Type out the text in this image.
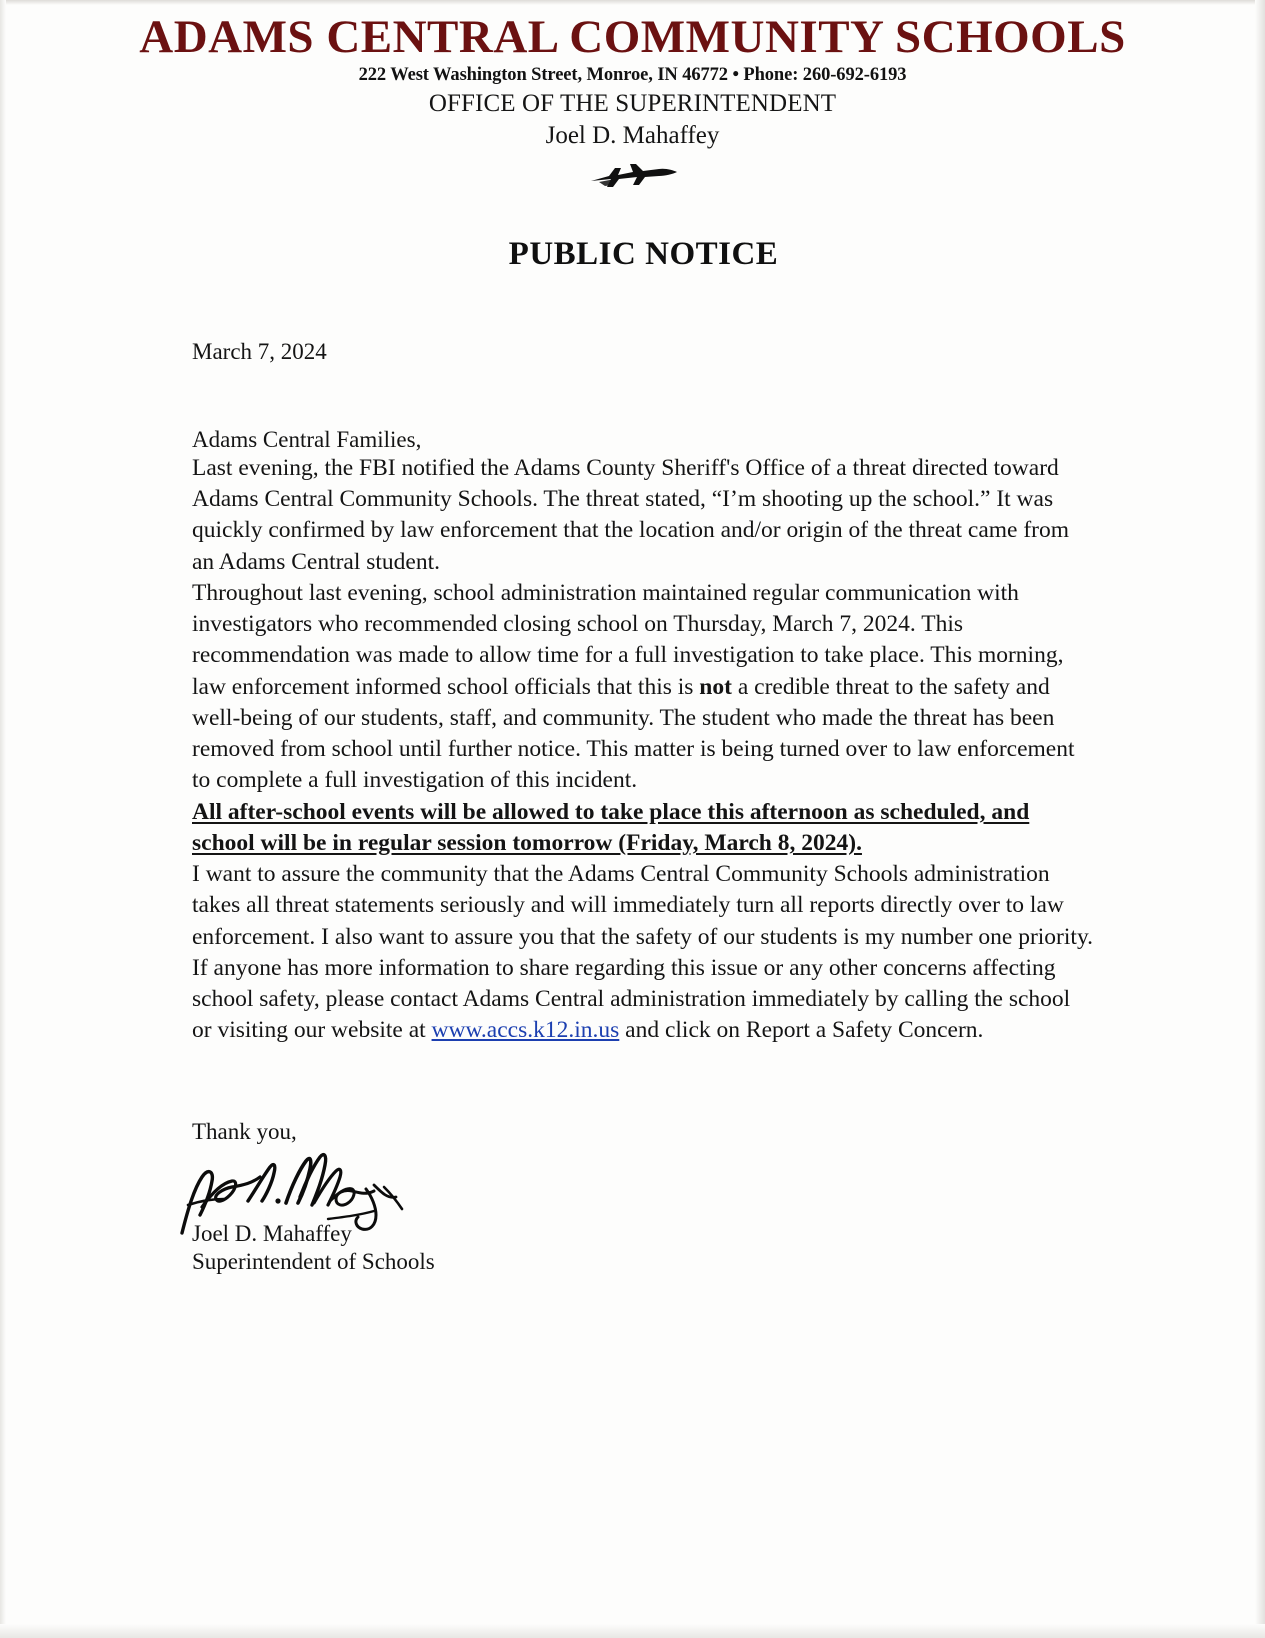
ADAMS CENTRAL COMMUNITY SCHOOLS
222 West Washington Street, Monroe, IN 46772 • Phone: 260-692-6193
OFFICE OF THE SUPERINTENDENT
Joel D. Mahaffey
PUBLIC NOTICE
March 7, 2024
Adams Central Families,

Last evening, the FBI notified the Adams County Sheriff's Office of a threat directed toward Adams Central Community Schools. The threat stated, “I’m shooting up the school.” It was quickly confirmed by law enforcement that the location and/or origin of the threat came from an Adams Central student.

Throughout last evening, school administration maintained regular communication with investigators who recommended closing school on Thursday, March 7, 2024. This recommendation was made to allow time for a full investigation to take place. This morning, law enforcement informed school officials that this is not a credible threat to the safety and well-being of our students, staff, and community. The student who made the threat has been removed from school until further notice. This matter is being turned over to law enforcement to complete a full investigation of this incident.

All after-school events will be allowed to take place this afternoon as scheduled, and school will be in regular session tomorrow (Friday, March 8, 2024).

I want to assure the community that the Adams Central Community Schools administration takes all threat statements seriously and will immediately turn all reports directly over to law enforcement. I also want to assure you that the safety of our students is my number one priority.

If anyone has more information to share regarding this issue or any other concerns affecting school safety, please contact Adams Central administration immediately by calling the school or visiting our website at www.accs.k12.in.us and click on Report a Safety Concern.

Thank you,
Joel D. Mahaffey
Superintendent of Schools
